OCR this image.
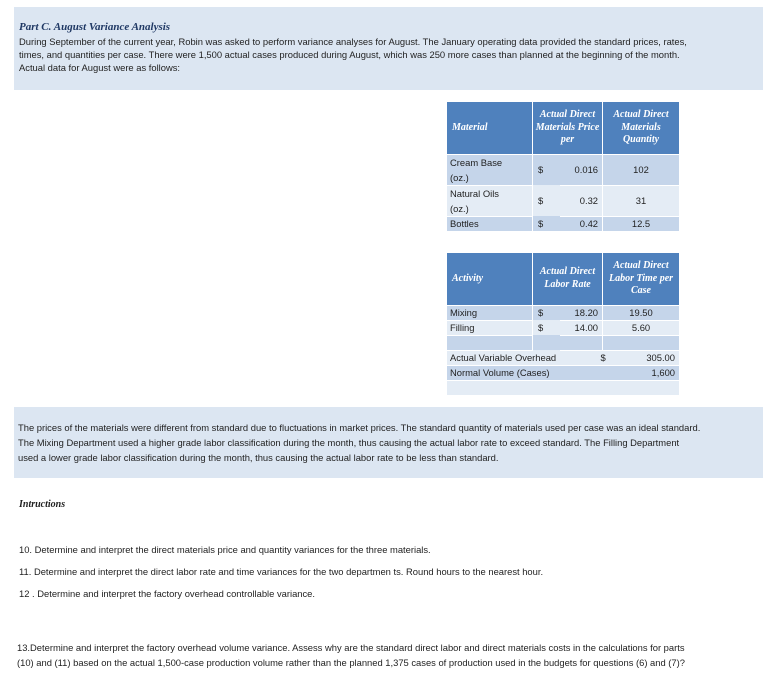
Part C. August Variance Analysis
During September of the current year, Robin was asked to perform variance analyses for August. The January operating data provided the standard prices, rates,
times, and quantities per case. There were 1,500 actual cases produced during August, which was 250 more cases than planned at the beginning of the month.
Actual data for August were as follows:
Material	Actual Direct Materials Price per		Actual Direct Materials Quantity
Cream Base
(oz.)	$	0.016	102
Natural Oils
(oz.)	$	0.32	31
Bottles	$	0.42	12.5
Activity	Actual Direct Labor Rate		Actual Direct Labor Time per Case
Mixing	$	18.20	19.50
Filling	$	14.00	5.60

Actual Variable Overhead			$ 305.00

Normal Volume (Cases)			1,600

The prices of the materials were different from standard due to fluctuations in market prices. The standard quantity of materials used per case was an ideal standard.
The Mixing Department used a higher grade labor classification during the month, thus causing the actual labor rate to exceed standard. The Filling Department
used a lower grade labor classification during the month, thus causing the actual labor rate to be less than standard.
Intructions
10. Determine and interpret the direct materials price and quantity variances for the three materials.
11. Determine and interpret the direct labor rate and time variances for the two departmen ts. Round hours to the nearest hour.
12 . Determine and interpret the factory overhead controllable variance.
13.Determine and interpret the factory overhead volume variance. Assess why are the standard direct labor and direct materials costs in the calculations for parts
(10) and (11) based on the actual 1,500-case production volume rather than the planned 1,375 cases of production used in the budgets for questions (6) and (7)?
